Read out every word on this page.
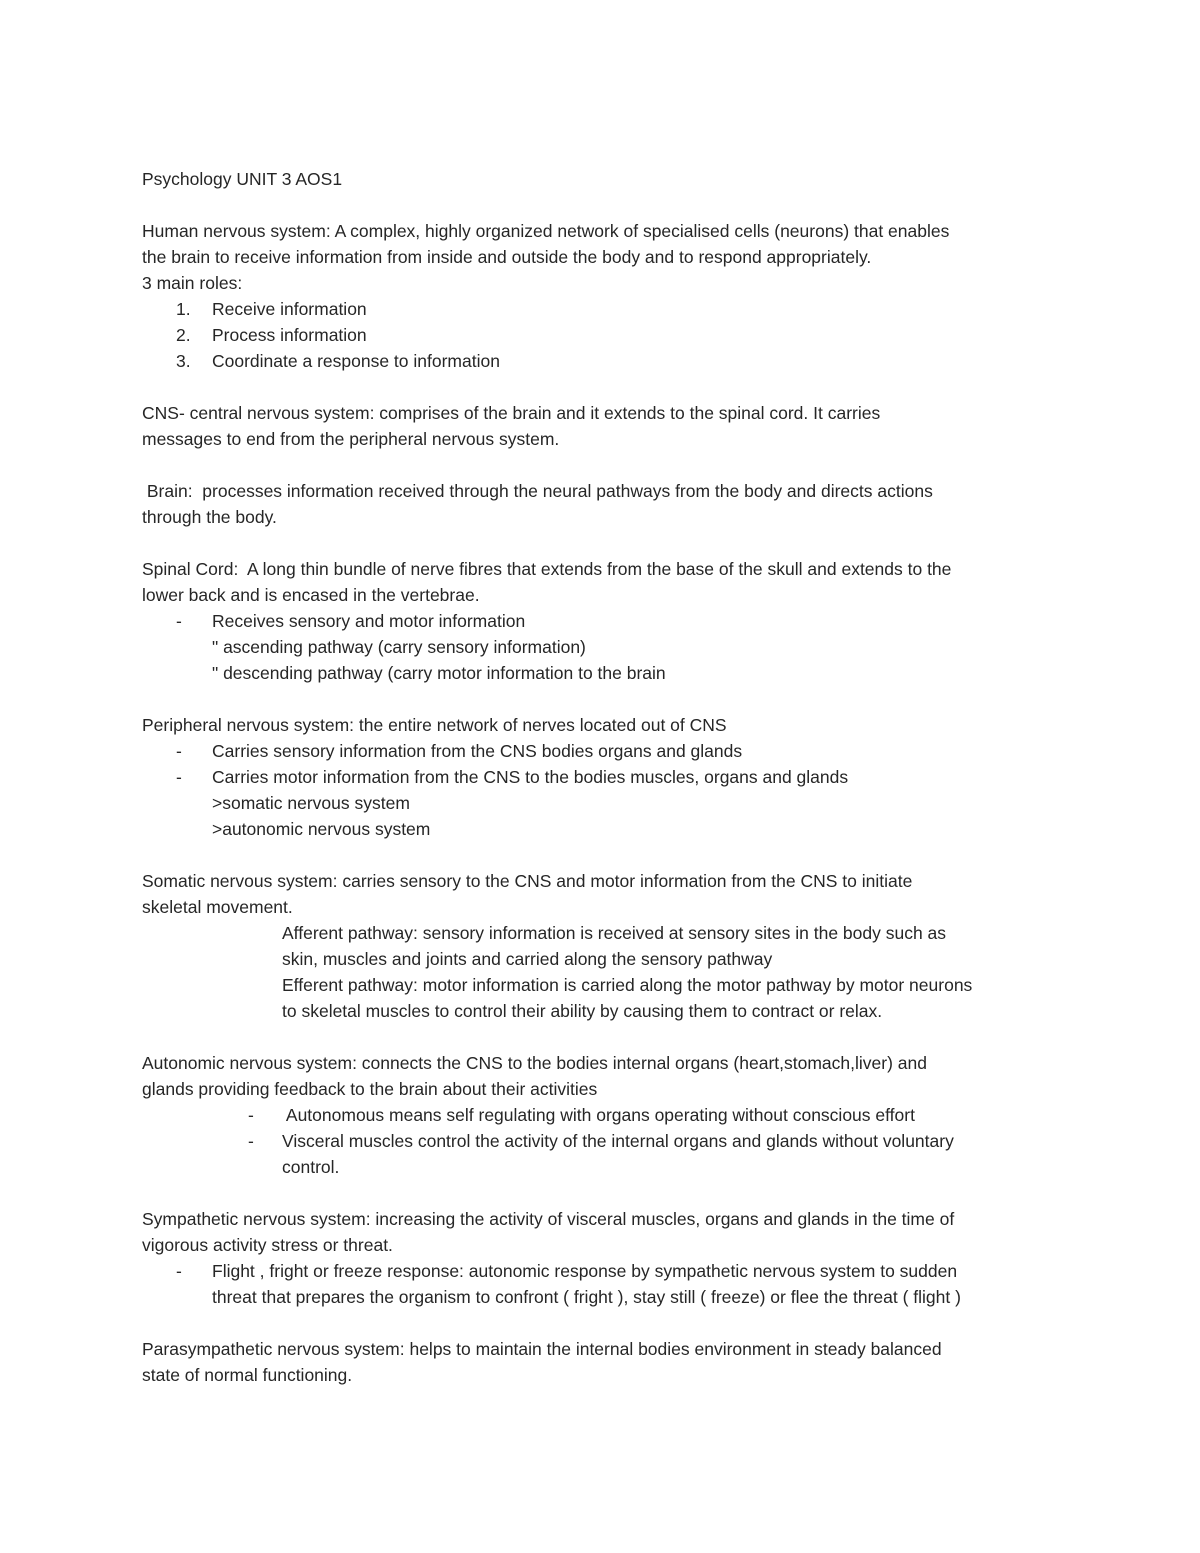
Psychology UNIT 3 AOS1
Human nervous system: A complex, highly organized network of specialised cells (neurons) that enables
the brain to receive information from inside and outside the body and to respond appropriately.
3 main roles:
1.	Receive information
2.	Process information
3.	Coordinate a response to information
CNS- central nervous system: comprises of the brain and it extends to the spinal cord. It carries
messages to end from the peripheral nervous system.
Brain:  processes information received through the neural pathways from the body and directs actions
through the body.
Spinal Cord:  A long thin bundle of nerve fibres that extends from the base of the skull and extends to the
lower back and is encased in the vertebrae.
-	Receives sensory and motor information
" ascending pathway (carry sensory information)
" descending pathway (carry motor information to the brain
Peripheral nervous system: the entire network of nerves located out of CNS
-	Carries sensory information from the CNS bodies organs and glands
-	Carries motor information from the CNS to the bodies muscles, organs and glands
>somatic nervous system
>autonomic nervous system
Somatic nervous system: carries sensory to the CNS and motor information from the CNS to initiate
skeletal movement.
Afferent pathway: sensory information is received at sensory sites in the body such as
skin, muscles and joints and carried along the sensory pathway
Efferent pathway: motor information is carried along the motor pathway by motor neurons
to skeletal muscles to control their ability by causing them to contract or relax.
Autonomic nervous system: connects the CNS to the bodies internal organs (heart,stomach,liver) and
glands providing feedback to the brain about their activities
-	Autonomous means self regulating with organs operating without conscious effort
-	Visceral muscles control the activity of the internal organs and glands without voluntary
control.
Sympathetic nervous system: increasing the activity of visceral muscles, organs and glands in the time of
vigorous activity stress or threat.
-	Flight , fright or freeze response: autonomic response by sympathetic nervous system to sudden
threat that prepares the organism to confront ( fright ), stay still ( freeze) or flee the threat ( flight )
Parasympathetic nervous system: helps to maintain the internal bodies environment in steady balanced
state of normal functioning.
